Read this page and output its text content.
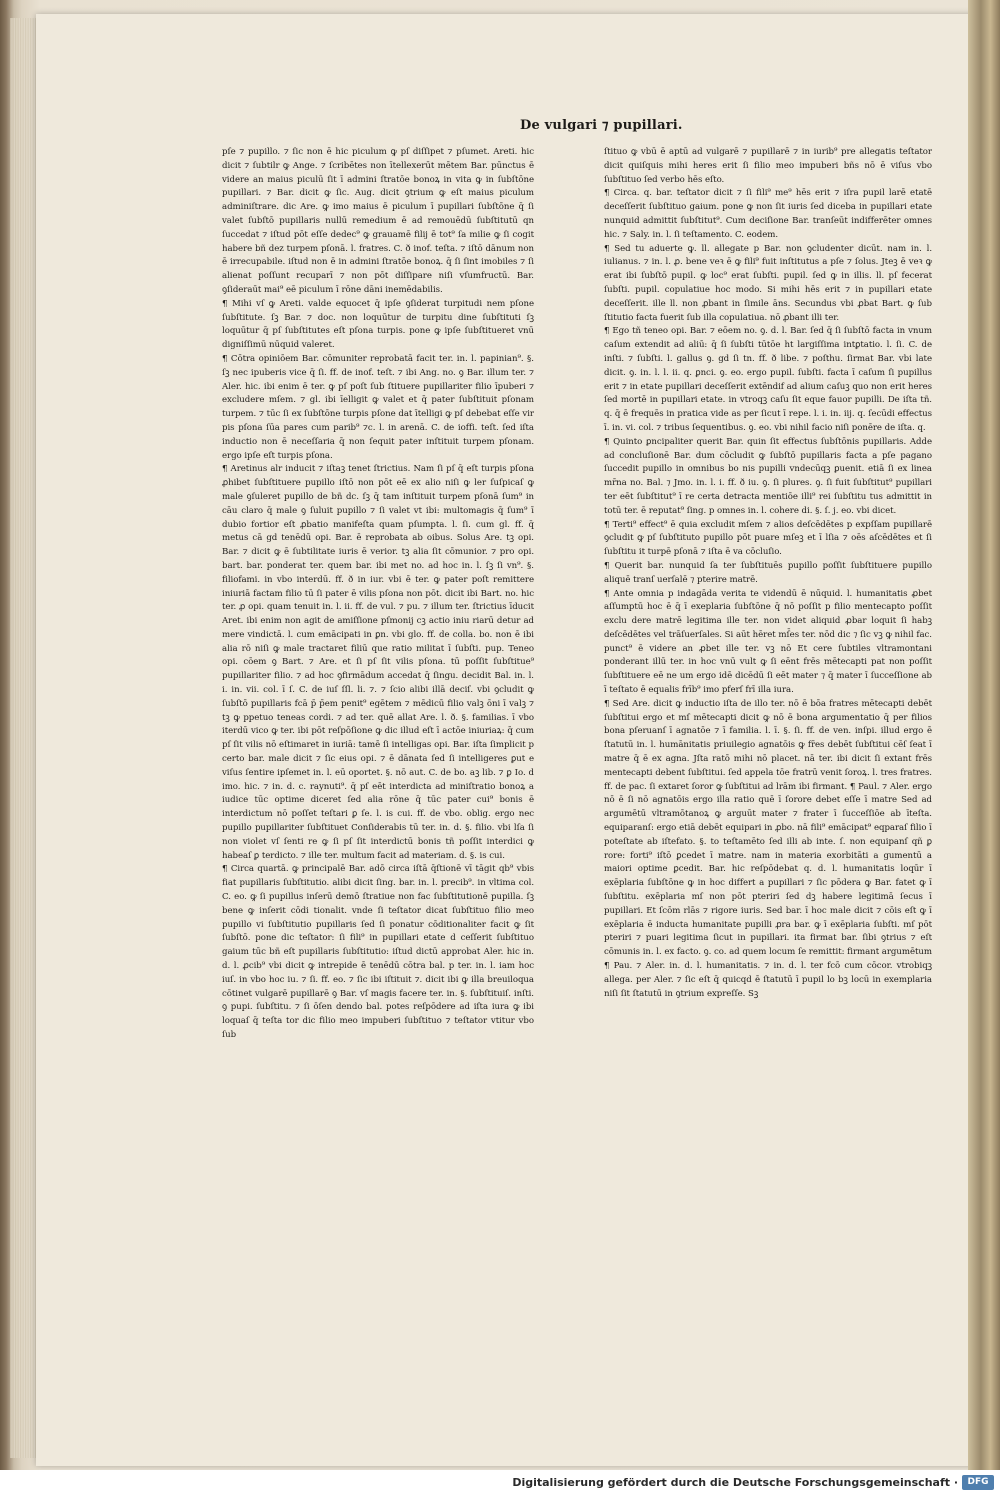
De vulgari ⁊ pupillari.

pſe ⁊ pupillo. ⁊ ſic non ē hic piculum ꝙ pſ diſſipet ⁊ pſumet. Areti. hic dicit ⁊ ſubtilr ꝙ Ange. ⁊ ſcribētes non ītellexerūt mētem Bar. pūnctus ē videre an maius piculū ſit ī admini ſtratōe bonoꝝ in vita ꝙ in ſubſtōne pupillari. ⁊ Bar. dicit ꝙ ſic. Aug. dicit ꝯtrium ꝙ eſt maius piculum adminiſtrare. dic Are. ꝙ imo maius ē piculum ī pupillari ſubſtōne q̄ ſi valet ſubſtō pupillaris nullū remedium ē ad remouēdū ſubſtitutū qn ſuccedat ⁊ iſtud pōt eſſe dedec⁹ ꝙ grauamē filij ē tot⁹ ſa milie ꝙ ſi cogit habere bñ dez turpem pſonā. l. fratres. C. ð inof. teſta. ⁊ iſtō dānum non ē irrecupabile. iſtud non ē in admini ſtratōe bonoꝝ. q̄ ſi ſint imobiles ⁊ ſi alienat poſſunt recuparī ⁊ non pōt diſſipare niſi vſumfructū. Bar. ꝯſideraūt mai⁹ eē piculum ī rōne dāni inemēdabilis.

¶ Mihi vſ ꝙ Areti. valde equocet q̄ ipſe ꝯſiderat turpitudi nem pſone ſubſtitute. ſꝫ Bar. ⁊ doc. non loquūtur de turpitu dine ſubſtituti ſꝫ loquūtur q̄ pſ ſubſtitutes eſt pſona turpis. pone ꝙ ipſe ſubſtitueret vnū digniſſimū nūquid valeret.

¶ Cōtra opiniōem Bar. cōmuniter reprobatā facit ter. in. l. papinian⁹. §. ſꝫ nec ipuberis vice q̄ ſi. ff. de inof. teſt. ⁊ ibi Ang. no. ꝯ Bar. illum ter. ⁊ Aler. hic. ibi enim ē ter. ꝙ pſ poſt ſub ſtituere pupillariter filio īpuberi ⁊ excludere mſem. ⁊ gl. ibi īelligit ꝙ valet et q̄ pater ſubſtituit pſonam turpem. ⁊ tūc ſi ex ſubſtōne turpis pſone dat ītelligi ꝙ pſ debebat eſſe vir pis pſona ſūa pares cum parib⁹ ⁊c. l. in arenā. C. de ioffi. teſt. ſed iſta inductio non ē neceſſaria q̄ non ſequit pater inſtituit turpem pſonam. ergo ipſe eſt turpis pſona.

¶ Aretinus alr inducit ⁊ iſtaꝫ tenet ſtrictius. Nam ſi pſ q̄ eſt turpis pſona ꝓhibet ſubſtituere pupillo iſtō non pōt eē ex alio niſi ꝙ ler ſuſpicaſ ꝙ male ꝯſuleret pupillo de bñ dc. ſꝫ q̄ tam inſtituit turpem pſonā ſum⁹ in cāu claro q̄ male ꝯ ſuluit pupillo ⁊ ſi valet vt ibi: multomagis q̄ ſum⁹ ī dubio fortior eſt ꝓbatio manifeſta quam pſumpta. l. ſi. cum gl. ff. q̄ metus cā gd tenēdū opi. Bar. ē reprobata ab oibus. Solus Are. tꝫ opi. Bar. ⁊ dicit ꝙ ē ſubtilitate iuris ē verior. tꝫ alia ſit cōmunior. ⁊ pro opi. bart. bar. ponderat ter. quem bar. ibi met no. ad hoc in. l. ſꝫ ſi vn⁹. §. filiofami. in vbo interdū. ff. ð in iur. vbi ē ter. ꝙ pater poſt remittere iniuriā factam filio tū ſi pater ē vilis pſona non pōt. dicit ibi Bart. no. hic ter. ꝓ opi. quam tenuit in. l. ii. ff. de vul. ⁊ pu. ⁊ illum ter. ſtrictius īducit Aret. ibi enim non agit de amiſſione pſmonij cꝫ actio iniu riarū detur ad mere vindictā. l. cum emācipati in ꝑn. vbi glo. ff. de colla. bo. non ē ibi alia rō niſi ꝙ male tractaret filiū que ratio militat ī ſubſti. pup. Teneo opi. cōem ꝯ Bart. ⁊ Are. et ſi pſ ſit vilis pſona. tū poſſit ſubſtitue⁹ pupillariter filio. ⁊ ad hoc ꝯfirmādum accedat q̄ ſingu. decidit Bal. in. l. i. in. vii. col. ī ſ. C. de iuſ ſſl. li. ⁊. ⁊ ſcio alibi illā deciſ. vbi ꝯcludit ꝙ ſubſtō pupillaris fcā p̄ p̄em penit⁹ egētem ⁊ mēdicū filio valꝫ ōni ī valꝫ ⁊ tꝫ ꝙ ppetuo teneas cordi. ⁊ ad ter. quē allat Are. l. ð. §. familias. ī vbo iterdū vico ꝙ ter. ibi pōt reſpōſione ꝙ dic illud eſt ī actōe iniuriaꝝ: q̄ cum pſ ſit vilis nō eſtimaret in iuriā: tamē ſi intelligas opi. Bar. iſta ſimplicit p certo bar. male dicit ⁊ ſic eius opi. ⁊ ē dānata ſed ſi intelligeres ꝑut e viſus ſentire ipſemet in. l. eū oportet. §. nō aut. C. de bo. aꝫ lib. ⁊ ꝑ Io. d imo. hic. ⁊ in. d. c. raynuti⁹. q̄ pſ eēt interdicta ad miniſtratio bonoꝝ a iudice tūc optime diceret ſed alia rōne q̄ tūc pater cui⁹ bonis ē interdictum nō poſſet teſtari ꝑ ſe. l. is cui. ff. de vbo. oblig. ergo nec pupillo pupillariter ſubſtituet Conſiderabis tū ter. in. d. §. filio. vbi lſa ſi non violet vſ ſenti re ꝙ ſi pſ ſit interdictū bonis tñ poſſit interdici ꝙ habeaſ ꝑ terdicto. ⁊ ille ter. multum facit ad materiam. d. §. is cui.

¶ Circa quartā. ꝙ principalē Bar. adō circa iſtā q̄ſtionē vī tāgit qb⁹ vbis fiat pupillaris ſubſtitutio. alibi dicit ſing. bar. in. l. precib⁹. in vltima col. C. eo. ꝙ ſi pupillus inſerū demō ſtratiue non fac ſubſtitutionē pupilla. ſꝫ bene ꝙ inſerit cōdi tionalit. vnde ſi teſtator dicat ſubſtituo filio meo pupillo vi ſubſtitutio pupillaris ſed ſi ponatur cōditionaliter facit ꝙ ſit ſubſtō. pone dic teſtator: ſi fili⁹ in pupillari etate d ceſſerit ſubſtituo gaium tūc bñ eſt pupillaris ſubſtitutio: iſtud dictū approbat Aler. hic in. d. l. ꝓcib⁹ vbi dicit ꝙ intrepide ē tenēdū cōtra bal. p ter. in. l. iam hoc iuſ. in vbo hoc iu. ⁊ ſi. ff. eo. ⁊ ſic ibi iſtituit ⁊. dicit ibi ꝙ illa breuiloqua cōtinet vulgarē pupillarē ꝯ Bar. vſ magis facere ter. in. §. ſubſtituiſ. inſti. ꝯ pupi. ſubſtitu. ⁊ ſi ōſen dendo bal. potes reſpōdere ad iſta iura ꝙ ibi loquaſ q̄ teſta tor dic filio meo impuberi ſubſtituo ⁊ teſtator vtitur vbo ſub

ſtituo ꝙ vbū ē aptū ad vulgarē ⁊ pupillarē ⁊ in iurib⁹ pre allegatis teſtator dicit quiſquis mihi heres erit ſi filio meo impuberi bñs nō ē viſus vbo ſubſtituo ſed verbo hēs eſto.

¶ Circa. q. bar. teſtator dicit ⁊ ſi fili⁹ me⁹ hēs erit ⁊ iſra pupil larē etatē deceſſerit ſubſtituo gaium. pone ꝙ non ſit iuris ſed diceba in pupillari etate nunquid admittit ſubſtitut⁹. Cum deciſione Bar. tranſeūt indifferēter omnes hic. ⁊ Saly. in. l. ſi teſtamento. C. eodem.

¶ Sed tu aduerte ꝙ. ll. allegate p Bar. non ꝯcludenter dicūt. nam in. l. iulianus. ⁊ in. l. ꝓ. bene veꝛ ē ꝙ fili⁹ fuit inſtitutus a pſe ⁊ ſolus. Jteꝫ ē veꝛ ꝙ erat ibi ſubſtō pupil. ꝙ loc⁹ erat ſubſti. pupil. ſed ꝙ in illis. ll. pſ fecerat ſubſti. pupil. copulatiue hoc modo. Si mihi hēs erit ⁊ in pupillari etate deceſſerit. ille ll. non ꝓbant in ſimile āns. Secundus vbi ꝓbat Bart. ꝙ ſub ſtitutio facta fuerit ſub illa copulatiua. nō ꝓbant illi ter.

¶ Ego tñ teneo opi. Bar. ⁊ eōem no. ꝯ. d. l. Bar. ſed q̄ ſi ſubſtō facta in vnum caſum extendit ad aliū: q̄ ſi ſubſti tūtōe ht largiſſima intꝑtatio. l. ſi. C. de inſti. ⁊ ſubſti. l. gallus ꝯ. gd ſi tn. ff. ð libe. ⁊ poſthu. ſirmat Bar. vbi late dicit. ꝯ. in. l. l. ii. q. ꝑnci. ꝯ. eo. ergo pupil. ſubſti. facta ī caſum ſi pupillus erit ⁊ in etate pupillari deceſſerit extēndif ad alium caſuꝫ quo non erit heres ſed mortē in pupillari etate. in vtroqꝫ caſu ſit eque fauor pupilli. De iſta tñ. q. q̄ ē frequēs in pratica vide as per ſicut ī repe. l. i. in. iij. q. ſecūdi effectus ī. in. vi. col. ⁊ tribus ſequentibus. ꝯ. eo. vbi nihil facio niſi ponēre de iſta. q.

¶ Quinto ꝑncipaliter querit Bar. quin ſit effectus ſubſtōnis pupillaris. Adde ad concluſionē Bar. dum cōcludit ꝙ ſubſtō pupillaris facta a pſe pagano ſuccedit pupillo in omnibus bo nis pupilli vndecūqꝫ ꝑuenit. etiā ſi ex linea mr̄na no. Bal. ⁊ Jmo. in. l. i. ff. ð iu. ꝯ. ſi plures. ꝯ. ſi fuit ſubſtitut⁹ pupillari ter eēt ſubſtitut⁹ ī re certa detracta mentiōe illi⁹ rei ſubſtitu tus admittit in totū ter. ē reputat⁹ ſing. p omnes in. l. cohere di. §. ſ. j. eo. vbi dicet.

¶ Terti⁹ effect⁹ ē quia excludit mſem ⁊ alios deſcēdētes p expſſam pupillarē ꝯcludit ꝙ pſ ſubſtituto pupillo pōt puare mſeꝫ et ī lſia ⁊ oēs aſcēdētes et ſi ſubſtitu it turpē pſonā ⁊ iſta ē va cōcluſio.

¶ Querit bar. nunquid ſa ter ſubſtituēs pupillo poſſit ſubſtituere pupillo aliquē tranſ uerſalē ⁊ pterire matrē.

¶ Ante omnia p indagāda verita te videndū ē nūquid. l. humanitatis ꝓbet aſſumptū hoc ē q̄ ī exeplaria ſubſtōne q̄ nō poſſit p filio mentecapto poſſit exclu dere matrē legitima ille ter. non videt aliquid ꝓbar loquit ſi habꝫ deſcēdētes vel trāſuerſales. Si aūt hēret mſ̄es ter. nōd dic ⁊ ſic vꝫ ꝙ nihil fac. punct⁹ ē videre an ꝓbet ille ter. vꝫ nō Et cere ſubtiles vltramontani ponderant illū ter. in hoc vnū vult ꝙ ſi eēnt frēs mētecapti pat non poſſit ſubſtituere eē ne um ergo idē dicēdū ſi eēt mater ⁊ q̄ mater ī ſucceſſione ab ī teſtato ē equalis frīb⁹ imo pferſ frī illa iura.

¶ Sed Are. dicit ꝙ inductio iſta de illo ter. nō ē bōa fratres mētecapti debēt ſubſtitui ergo et mſ mētecapti dicit ꝙ nō ē bona argumentatio q̄ per filios bona pſeruanſ ī agnatōe ⁊ ī familia. l. ī. §. ſi. ff. de ven. inſpi. illud ergo ē ſtatutū in. l. humānitatis priuilegio agnatōis ꝙ fr̄es debēt ſubſtitui cēſ ſeat ī matre q̄ ē ex agna. Jſta ratō mihi nō placet. nā ter. ibi dicit ſi extant frēs mentecapti debent ſubſtitui. ſed appela tōe fratrū venit ſoroꝝ. l. tres fratres. ff. de pac. ſi extaret ſoror ꝙ ſubſtitui ad lrām ibi firmant. ¶ Paul. ⁊ Aler. ergo nō ē ſi nō agnatōis ergo illa ratio quē ī ſorore debet eſſe ī matre Sed ad argumētū vltramōtanoꝝ ꝙ arguūt mater ⁊ frater ī ſucceſſiōe ab īteſta. equiparanſ: ergo etiā debēt equipari in ꝓbo. nā fili⁹ emācipat⁹ eqparaſ filio ī poteſtate ab iſtefato. §. to teſtamēto ſed illi ab inte. ſ. non equipanſ qñ ꝑ rore: forti⁹ iſtō ꝑcedet ī matre. nam in materia exorbitāti a gumentū a maiori optime ꝑcedit. Bar. hic reſpōdebat q. d. l. humanitatis loqūr ī exēplaria ſubſtōne ꝙ in hoc differt a pupillari ⁊ ſic pōdera ꝙ Bar. fatet ꝙ ī ſubſtitu. exēplaria mſ non pōt pteriri ſed dꝫ habere legitimā ſecus ī pupillari. Et ſcōm rlās ⁊ rigore iuris. Sed bar. ī hoc male dicit ⁊ cōis eſt ꝙ ī exēplaria ē inducta humanitate pupilli ꝓra bar. ꝙ ī exēplaria ſubſti. mſ pōt pteriri ⁊ puari legitima ſicut in pupillari. ita firmat bar. ſibi ꝯtrius ⁊ eſt cōmunis in. l. ex facto. ꝯ. co. ad quem locum ſe remittit: firmant argumētum ¶ Pau. ⁊ Aler. in. d. l. humanitatis. ⁊ in. d. l. ter fcō cum cōcor. vtrobiqꝫ allega. per Aler. ⁊ ſic eſt q̄ quicqd ē ſtatutū ī pupil lo bꝫ locū in exemplaria niſi ſit ſtatutū in ꝯtrium expreſſe. Sꝫ

Digitalisierung gefördert durch die Deutsche Forschungsgemeinschaft ·	DFG
